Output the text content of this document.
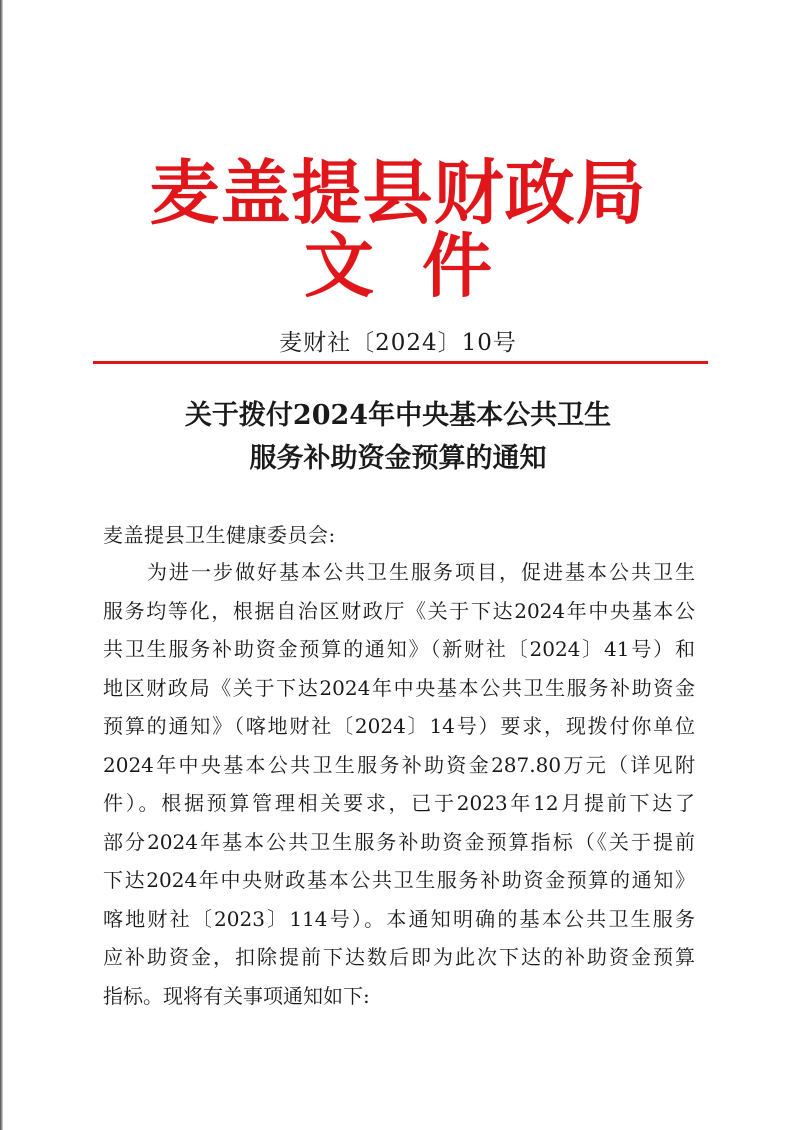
麦盖提县财政局
文件
麦财社〔2024〕10号
关于拨付2024年中央基本公共卫生
服务补助资金预算的通知

麦盖提县卫生健康委员会:

为进一步做好基本公共卫生服务项目，促进基本公共卫生
服务均等化，根据自治区财政厅《关于下达2024年中央基本公
共卫生服务补助资金预算的通知》（新财社〔2024〕41号）和
地区财政局《关于下达2024年中央基本公共卫生服务补助资金
预算的通知》（喀地财社〔2024〕14号）要求，现拨付你单位
2024年中央基本公共卫生服务补助资金287.80万元（详见附
件）。根据预算管理相关要求，已于2023年12月提前下达了
部分2024年基本公共卫生服务补助资金预算指标（《关于提前
下达2024年中央财政基本公共卫生服务补助资金预算的通知》
喀地财社〔2023〕114号）。本通知明确的基本公共卫生服务
应补助资金，扣除提前下达数后即为此次下达的补助资金预算
指标。现将有关事项通知如下:
